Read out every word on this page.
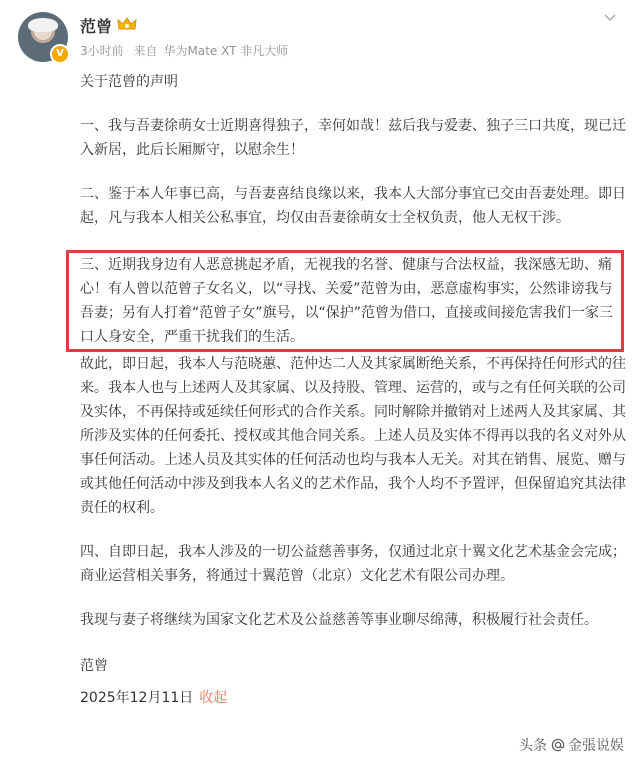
V
范曾
3小时前 来自 华为Mate XT 非凡大师

关于范曾的声明

一、我与吾妻徐萌女士近期喜得独子，幸何如哉！兹后我与爱妻、独子三口共度，现已迁入新居，此后长厢厮守，以慰余生！

二、鉴于本人年事已高，与吾妻喜结良缘以来，我本人大部分事宜已交由吾妻处理。即日起，凡与我本人相关公私事宜，均仅由吾妻徐萌女士全权负责，他人无权干涉。

三、近期我身边有人恶意挑起矛盾，无视我的名誉、健康与合法权益，我深感无助、痛心！有人曾以范曾子女名义，以“寻找、关爱”范曾为由，恶意虚构事实，公然诽谤我与吾妻；另有人打着“范曾子女”旗号，以“保护”范曾为借口，直接或间接危害我们一家三口人身安全，严重干扰我们的生活。

故此，即日起，我本人与范晓蕙、范仲达二人及其家属断绝关系，不再保持任何形式的往来。我本人也与上述两人及其家属、以及持股、管理、运营的，或与之有任何关联的公司及实体，不再保持或延续任何形式的合作关系。同时解除并撤销对上述两人及其家属、其所涉及实体的任何委托、授权或其他合同关系。上述人员及实体不得再以我的名义对外从事任何活动。上述人员及其实体的任何活动也均与我本人无关。对其在销售、展览、赠与或其他任何活动中涉及到我本人名义的艺术作品，我个人均不予置评，但保留追究其法律责任的权利。

四、自即日起，我本人涉及的一切公益慈善事务，仅通过北京十翼文化艺术基金会完成；商业运营相关事务，将通过十翼范曾（北京）文化艺术有限公司办理。

我现与妻子将继续为国家文化艺术及公益慈善等事业聊尽绵薄，积极履行社会责任。

范曾
2025年12月11日 收起
头条 金張说娱
